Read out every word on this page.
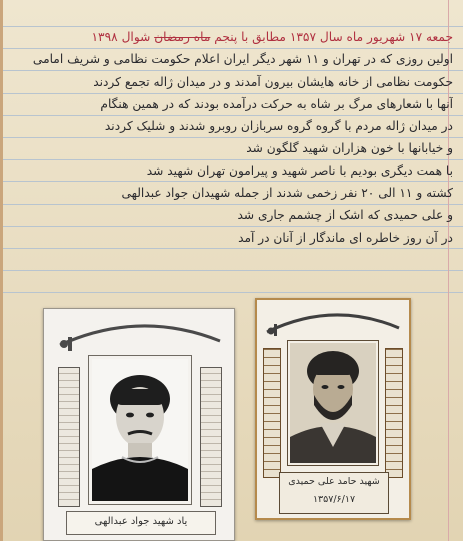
جمعه ۱۷ شهریور ماه سال ۱۳۵۷ مطابق با پنجم ماه رمضان شوال ۱۳۹۸
اولین روزی که در تهران و ۱۱ شهر دیگر ایران اعلام حکومت نظامی و شریف امامی
حکومت نظامی از خانه هایشان بیرون آمدند و در میدان ژاله تجمع کردند
آنها با شعارهای مرگ بر شاه به حرکت درآمده بودند که در همین هنگام
در میدان ژاله مردم با گروه گروه سربازان روبرو شدند و شلیک کردند
و خیابانها با خون هزاران شهید گلگون شد
با همت دیگری بودیم با ناصر شهید و پیرامون تهران شهید شد
کشته و ۱۱ الی ۲۰ نفر زخمی شدند از جمله شهیدان جواد عبدالهی
و علی حمیدی که اشک از چشمم جاری شد
در آن روز خاطره ای ماندگار از آنان در آمد
یاد شهید جواد عبدالهی
شهید حامد علی حمیدی
۱۳۵۷/۶/۱۷
